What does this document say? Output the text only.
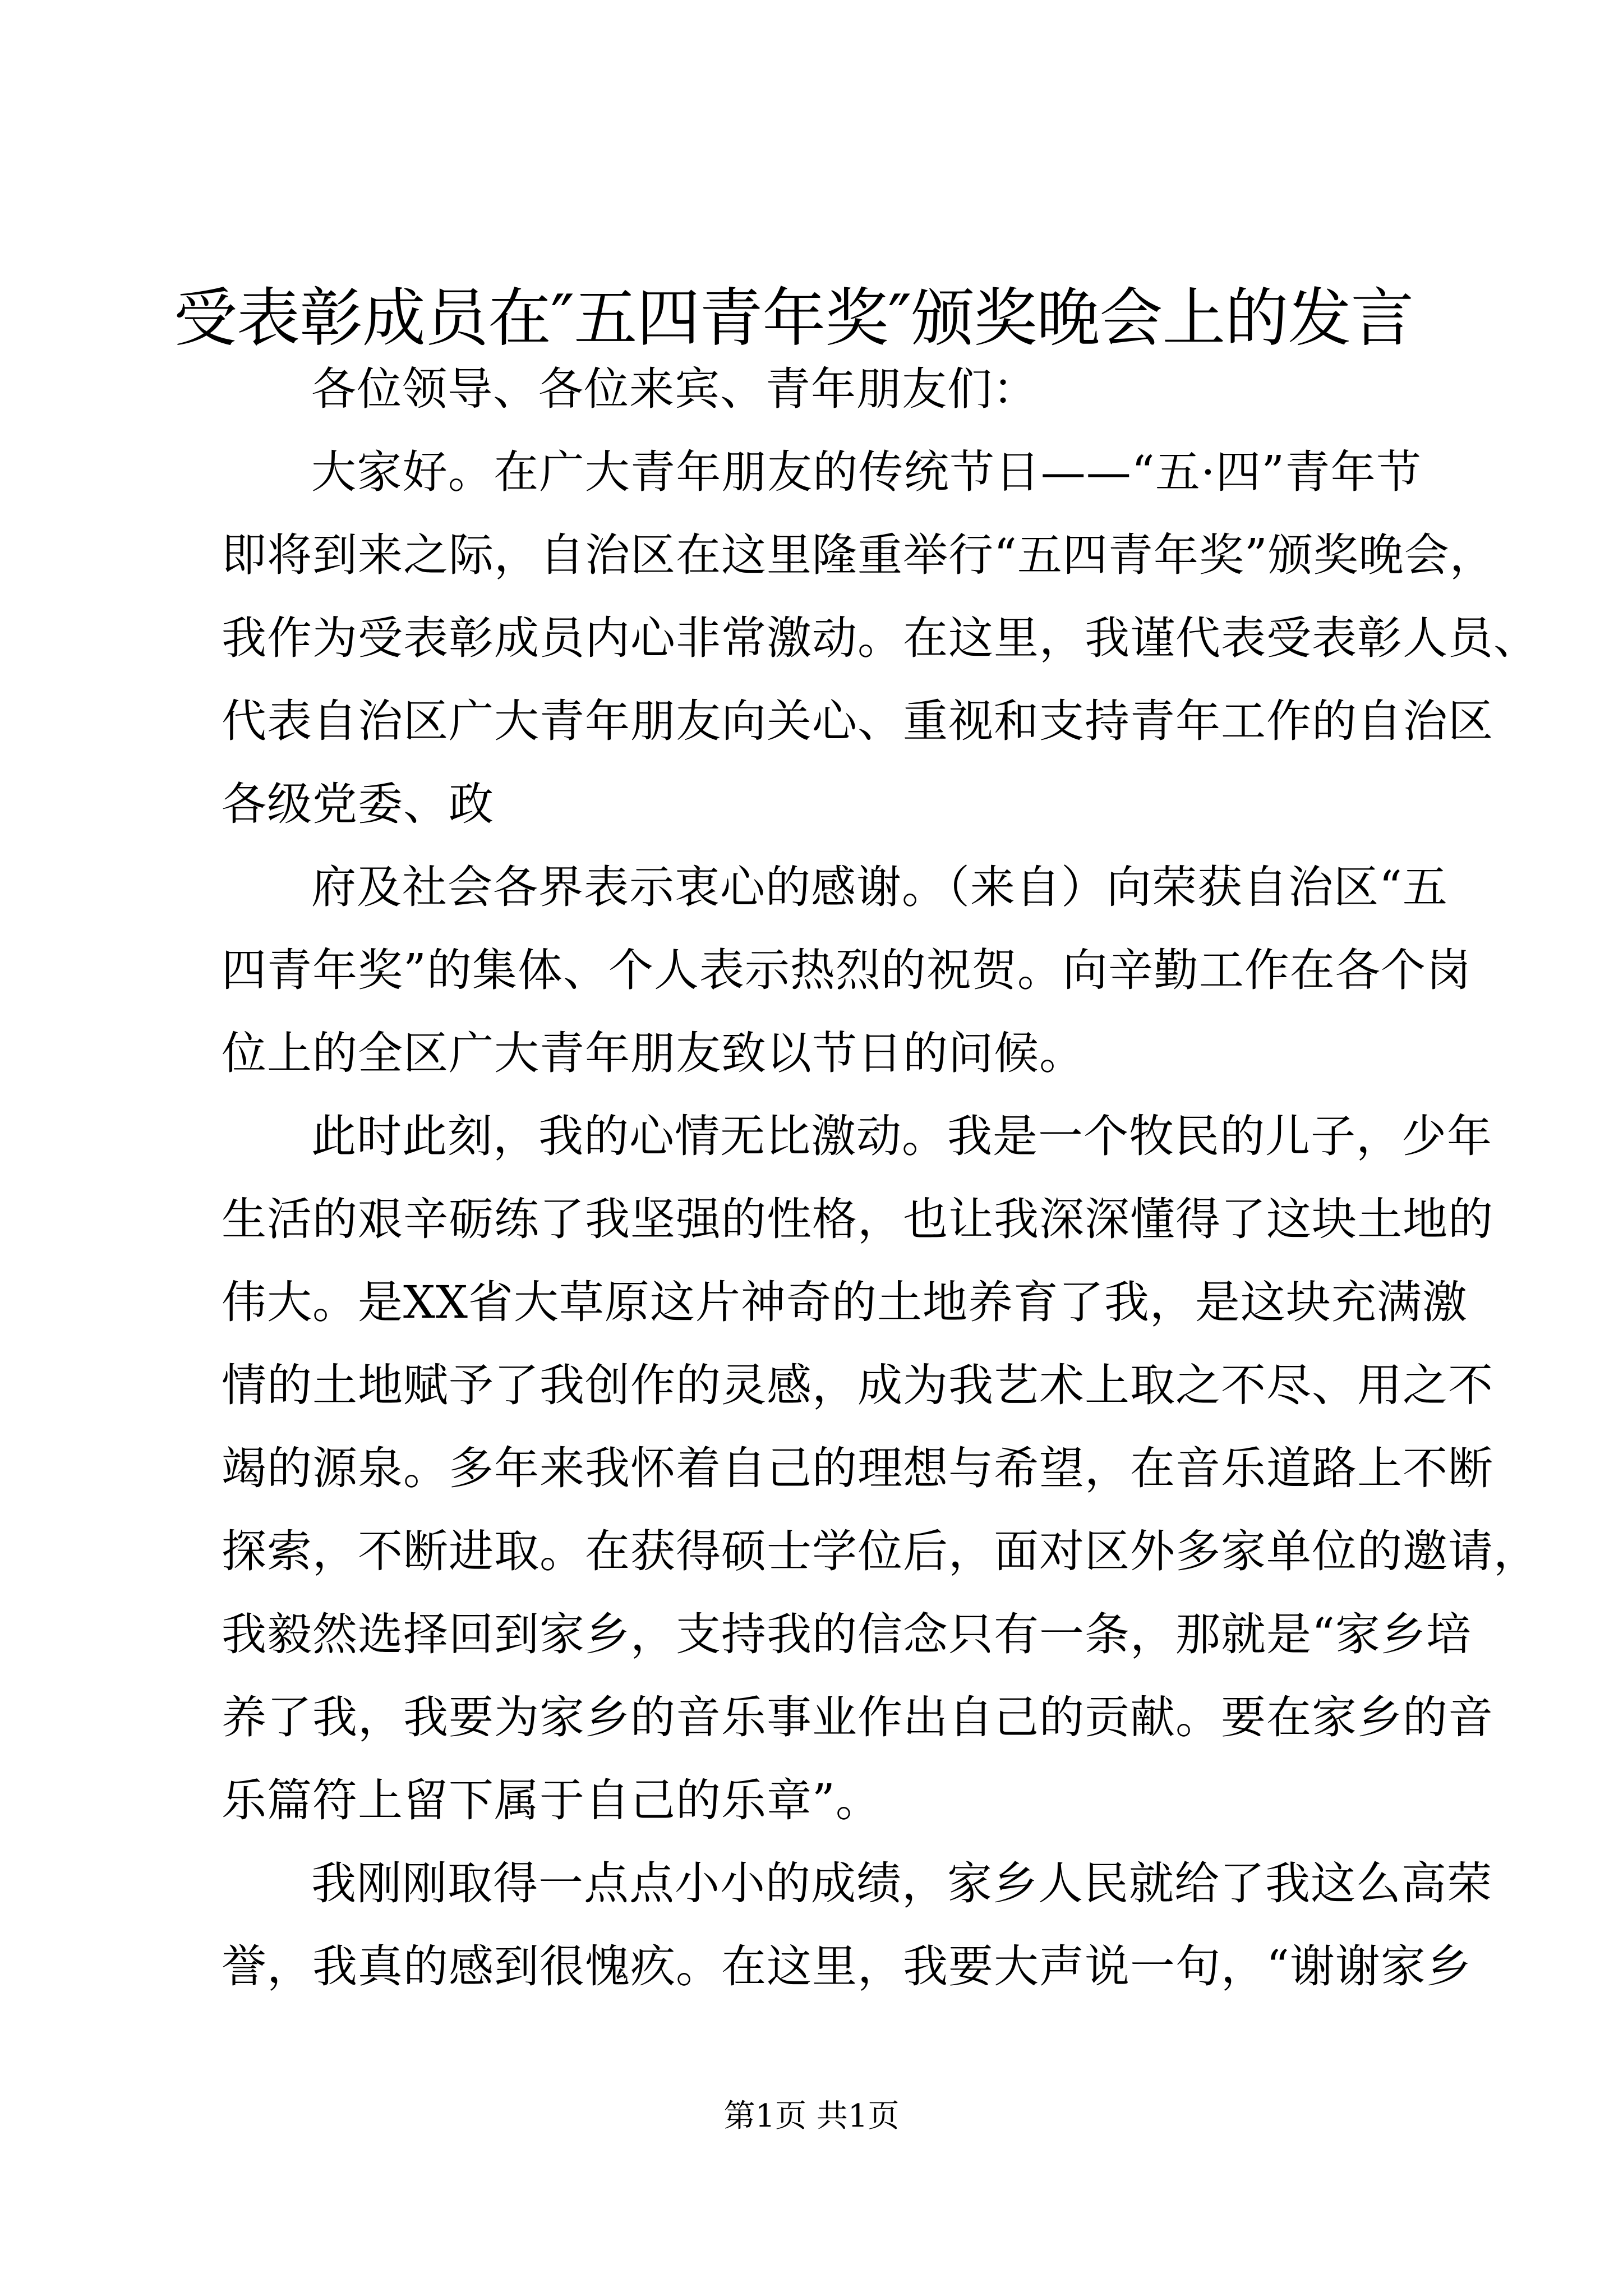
受表彰成员在″五四青年奖″颁奖晚会上的发言
各位领导、各位来宾、青年朋友们：
大家好。在广大青年朋友的传统节日——“五·四”青年节
即将到来之际，自治区在这里隆重举行“五四青年奖”颁奖晚会，
我作为受表彰成员内心非常激动。在这里，我谨代表受表彰人员、
代表自治区广大青年朋友向关心、重视和支持青年工作的自治区
各级党委、政
府及社会各界表示衷心的感谢。（来自）向荣获自治区“五
四青年奖”的集体、个人表示热烈的祝贺。向辛勤工作在各个岗
位上的全区广大青年朋友致以节日的问候。
此时此刻，我的心情无比激动。我是一个牧民的儿子，少年
生活的艰辛砺练了我坚强的性格，也让我深深懂得了这块土地的
伟大。是XX省大草原这片神奇的土地养育了我，是这块充满激
情的土地赋予了我创作的灵感，成为我艺术上取之不尽、用之不
竭的源泉。多年来我怀着自己的理想与希望，在音乐道路上不断
探索，不断进取。在获得硕士学位后，面对区外多家单位的邀请，
我毅然选择回到家乡，支持我的信念只有一条，那就是“家乡培
养了我，我要为家乡的音乐事业作出自己的贡献。要在家乡的音
乐篇符上留下属于自己的乐章”。
我刚刚取得一点点小小的成绩，家乡人民就给了我这么高荣
誉，我真的感到很愧疚。在这里，我要大声说一句，“谢谢家乡
第1页 共1页
